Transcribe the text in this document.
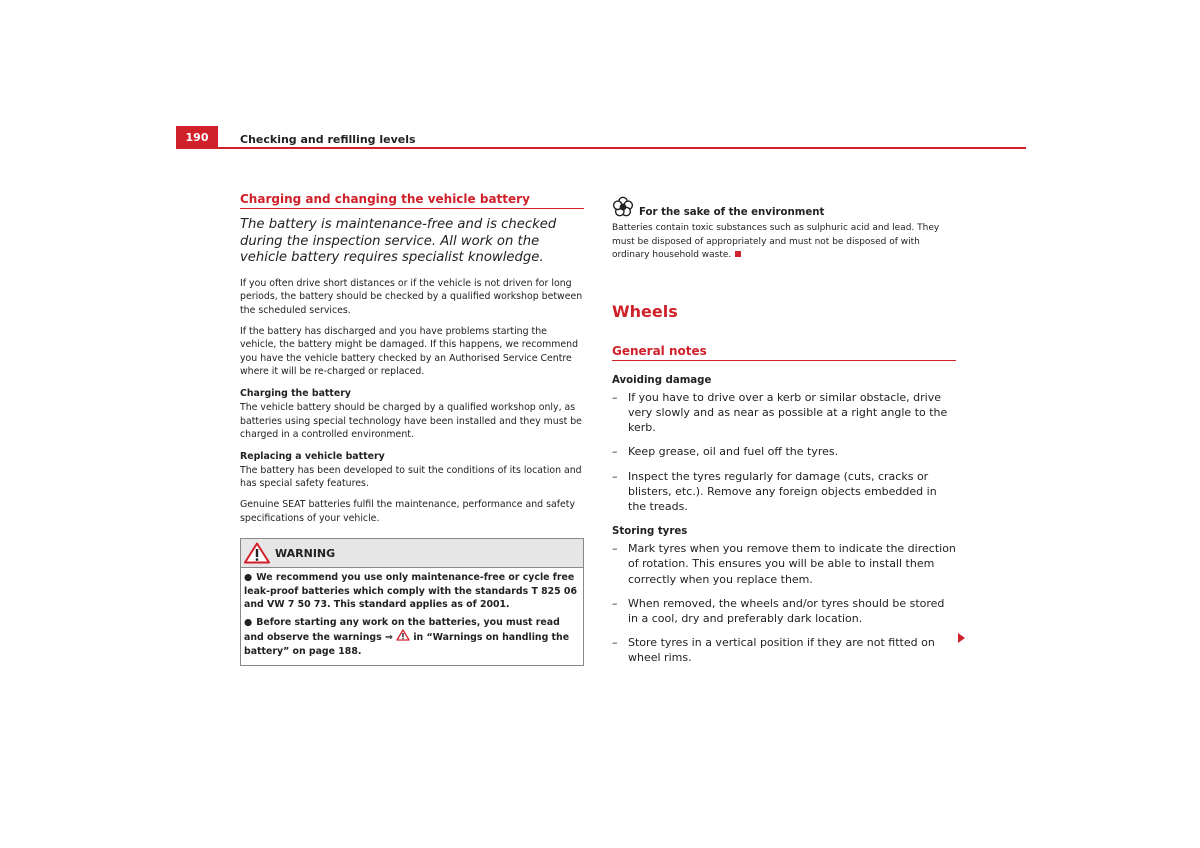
190	Checking and refilling levels
Charging and changing the vehicle battery

The battery is maintenance-free and is checked during the inspection service. All work on the vehicle battery requires specialist knowledge.

If you often drive short distances or if the vehicle is not driven for long periods, the battery should be checked by a qualified workshop between the scheduled services.

If the battery has discharged and you have problems starting the vehicle, the battery might be damaged. If this happens, we recommend you have the vehicle battery checked by an Authorised Service Centre where it will be re-charged or replaced.

Charging the battery

The vehicle battery should be charged by a qualified workshop only, as batteries using special technology have been installed and they must be charged in a controlled environment.

Replacing a vehicle battery

The battery has been developed to suit the conditions of its location and has special safety features.

Genuine SEAT batteries fulfil the maintenance, performance and safety specifications of your vehicle.

WARNING

● We recommend you use only maintenance-free or cycle free leak-proof batteries which comply with the standards T 825 06 and VW 7 50 73. This standard applies as of 2001.

● Before starting any work on the batteries, you must read and observe the warnings ⇒ in “Warnings on handling the battery” on page 188.

For the sake of the environment

Batteries contain toxic substances such as sulphuric acid and lead. They must be disposed of appropriately and must not be disposed of with ordinary household waste.

Wheels
General notes
Avoiding damage
– If you have to drive over a kerb or similar obstacle, drive very slowly and as near as possible at a right angle to the kerb.
– Keep grease, oil and fuel off the tyres.
– Inspect the tyres regularly for damage (cuts, cracks or blisters, etc.). Remove any foreign objects embedded in the treads.
Storing tyres
– Mark tyres when you remove them to indicate the direction of rotation. This ensures you will be able to install them correctly when you replace them.
– When removed, the wheels and/or tyres should be stored in a cool, dry and preferably dark location.
– Store tyres in a vertical position if they are not fitted on wheel rims.
